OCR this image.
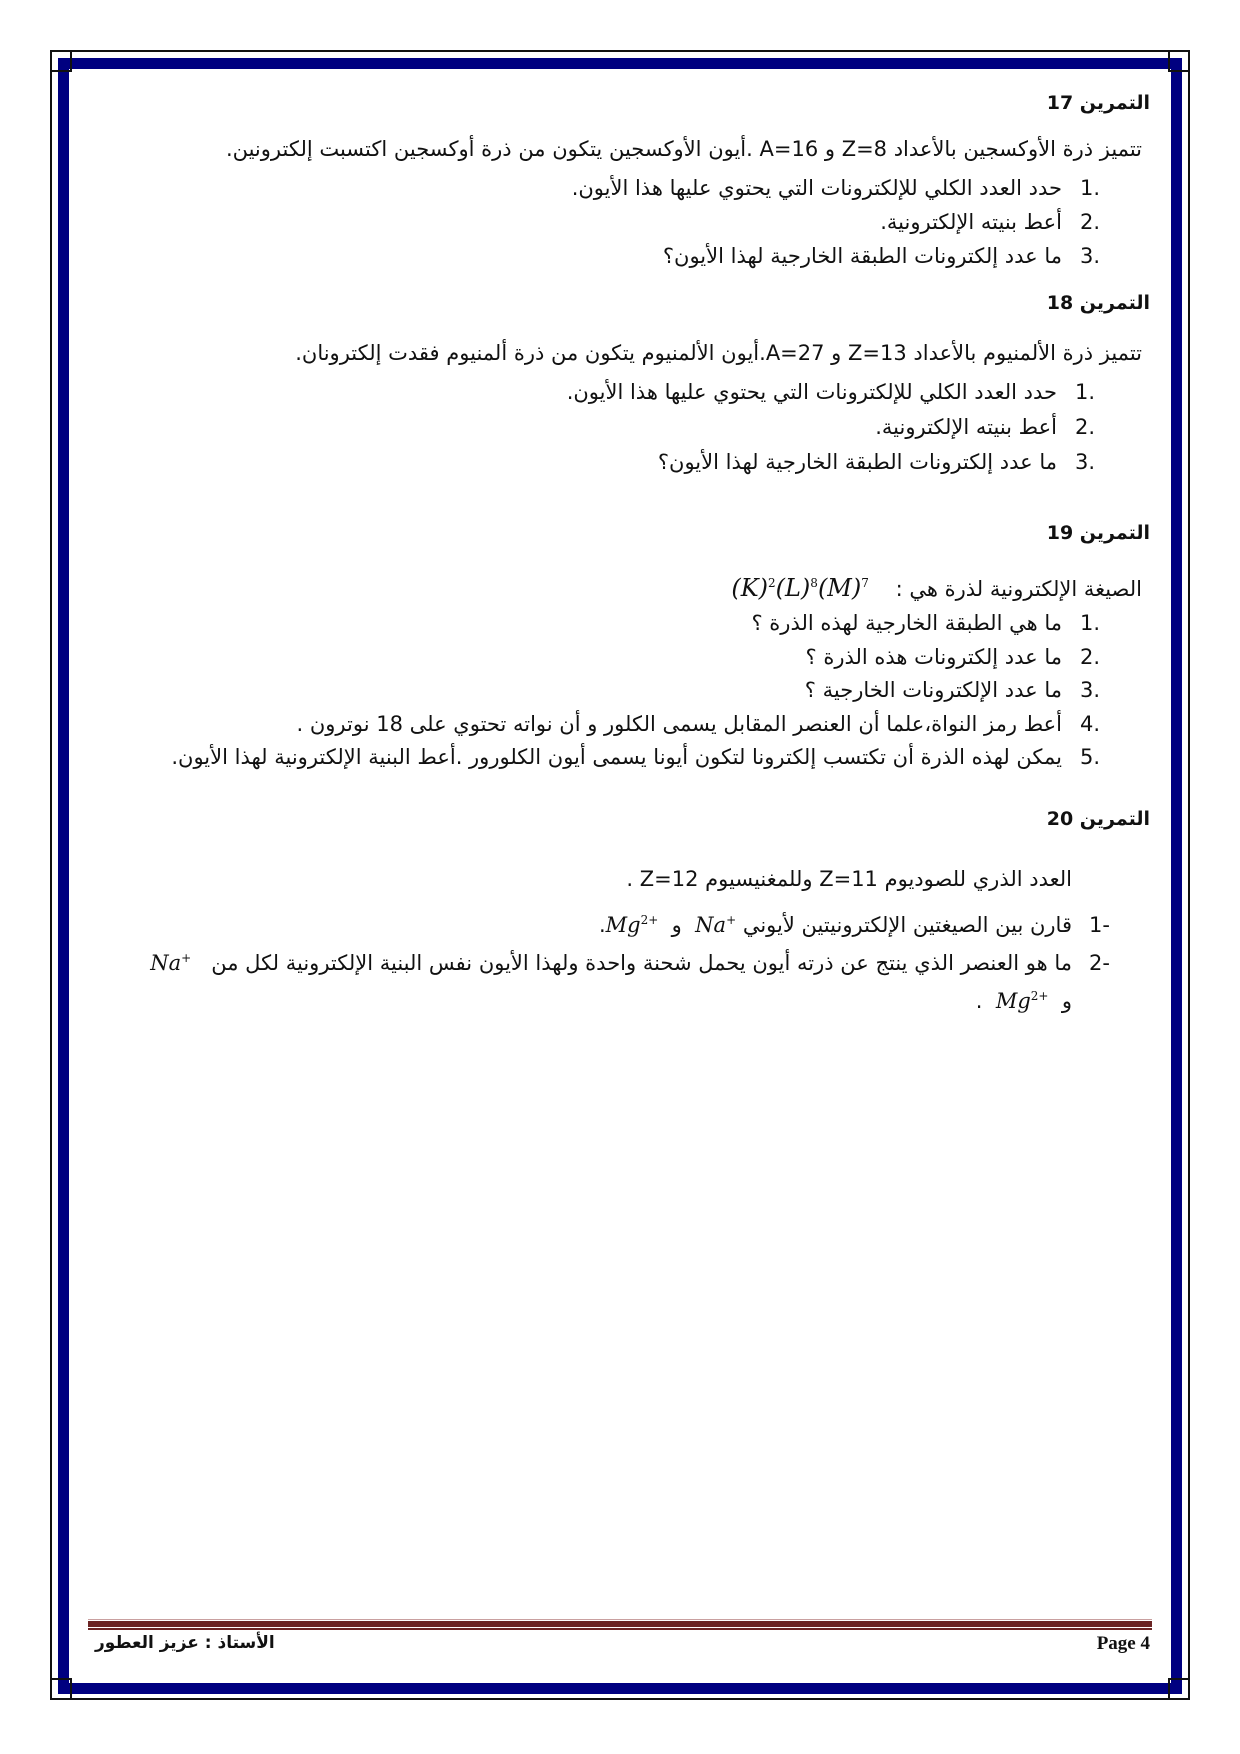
التمرين 17
تتميز ذرة الأوكسجين بالأعداد Z=8 و A=16 .أيون الأوكسجين يتكون من ذرة أوكسجين اكتسبت إلكترونين.
.1حدد العدد الكلي للإلكترونات التي يحتوي عليها هذا الأيون.
.2أعط بنيته الإلكترونية.
.3ما عدد إلكترونات الطبقة الخارجية لهذا الأيون؟
التمرين 18
تتميز ذرة الألمنيوم بالأعداد Z=13 و A=27.أيون الألمنيوم يتكون من ذرة ألمنيوم فقدت إلكترونان.
.1حدد العدد الكلي للإلكترونات التي يحتوي عليها هذا الأيون.
.2أعط بنيته الإلكترونية.
.3ما عدد إلكترونات الطبقة الخارجية لهذا الأيون؟
التمرين 19
الصيغة الإلكترونية لذرة هي :    $(K)^2(L)^8(M)^7$
.1ما هي الطبقة الخارجية لهذه الذرة ؟
.2ما عدد إلكترونات هذه الذرة ؟
.3ما عدد الإلكترونات الخارجية ؟
.4أعط رمز النواة،علما أن العنصر المقابل يسمى الكلور و أن نواته تحتوي على 18 نوترون .
.5يمكن لهذه الذرة أن تكتسب إلكترونا لتكون أيونا يسمى أيون الكلورور .أعط البنية الإلكترونية لهذا الأيون.
التمرين 20
العدد الذري للصوديوم Z=11 وللمغنيسيوم Z=12 .
-1قارن بين الصيغتين الإلكترونيتين لأيوني Na+  و  $Mg^{2+}$.
-2ما هو العنصر الذي ينتج عن ذرته أيون يحمل شحنة واحدة ولهذا الأيون نفس البنية الإلكترونية لكل من   Na+
و  $Mg^{2+}$  .
Page 4
الأستاذ : عزيز العطور
